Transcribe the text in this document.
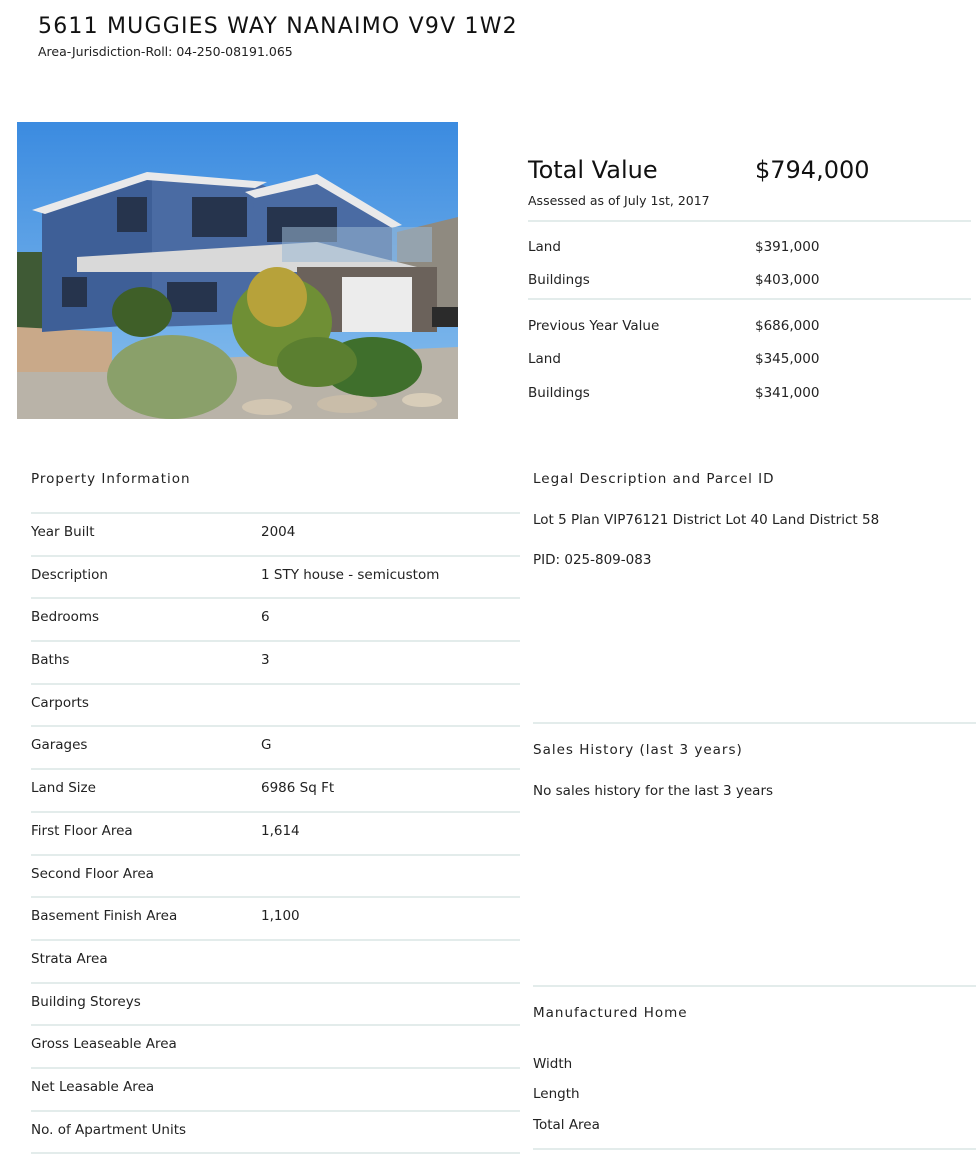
5611 MUGGIES WAY NANAIMO V9V 1W2
Area-Jurisdiction-Roll: 04-250-08191.065
Total Value	$794,000
Assessed as of July 1st, 2017
Land	$391,000
Buildings	$403,000
Previous Year Value	$686,000
Land	$345,000
Buildings	$341,000
Property Information
Year Built	2004
Description	1 STY house - semicustom
Bedrooms	6
Baths	3
Carports
Garages	G
Land Size	6986 Sq Ft
First Floor Area	1,614
Second Floor Area
Basement Finish Area	1,100
Strata Area
Building Storeys
Gross Leaseable Area
Net Leasable Area
No. of Apartment Units
Legal Description and Parcel ID
Lot 5 Plan VIP76121 District Lot 40 Land District 58
PID: 025-809-083
Sales History (last 3 years)
No sales history for the last 3 years
Manufactured Home
Width
Length
Total Area
